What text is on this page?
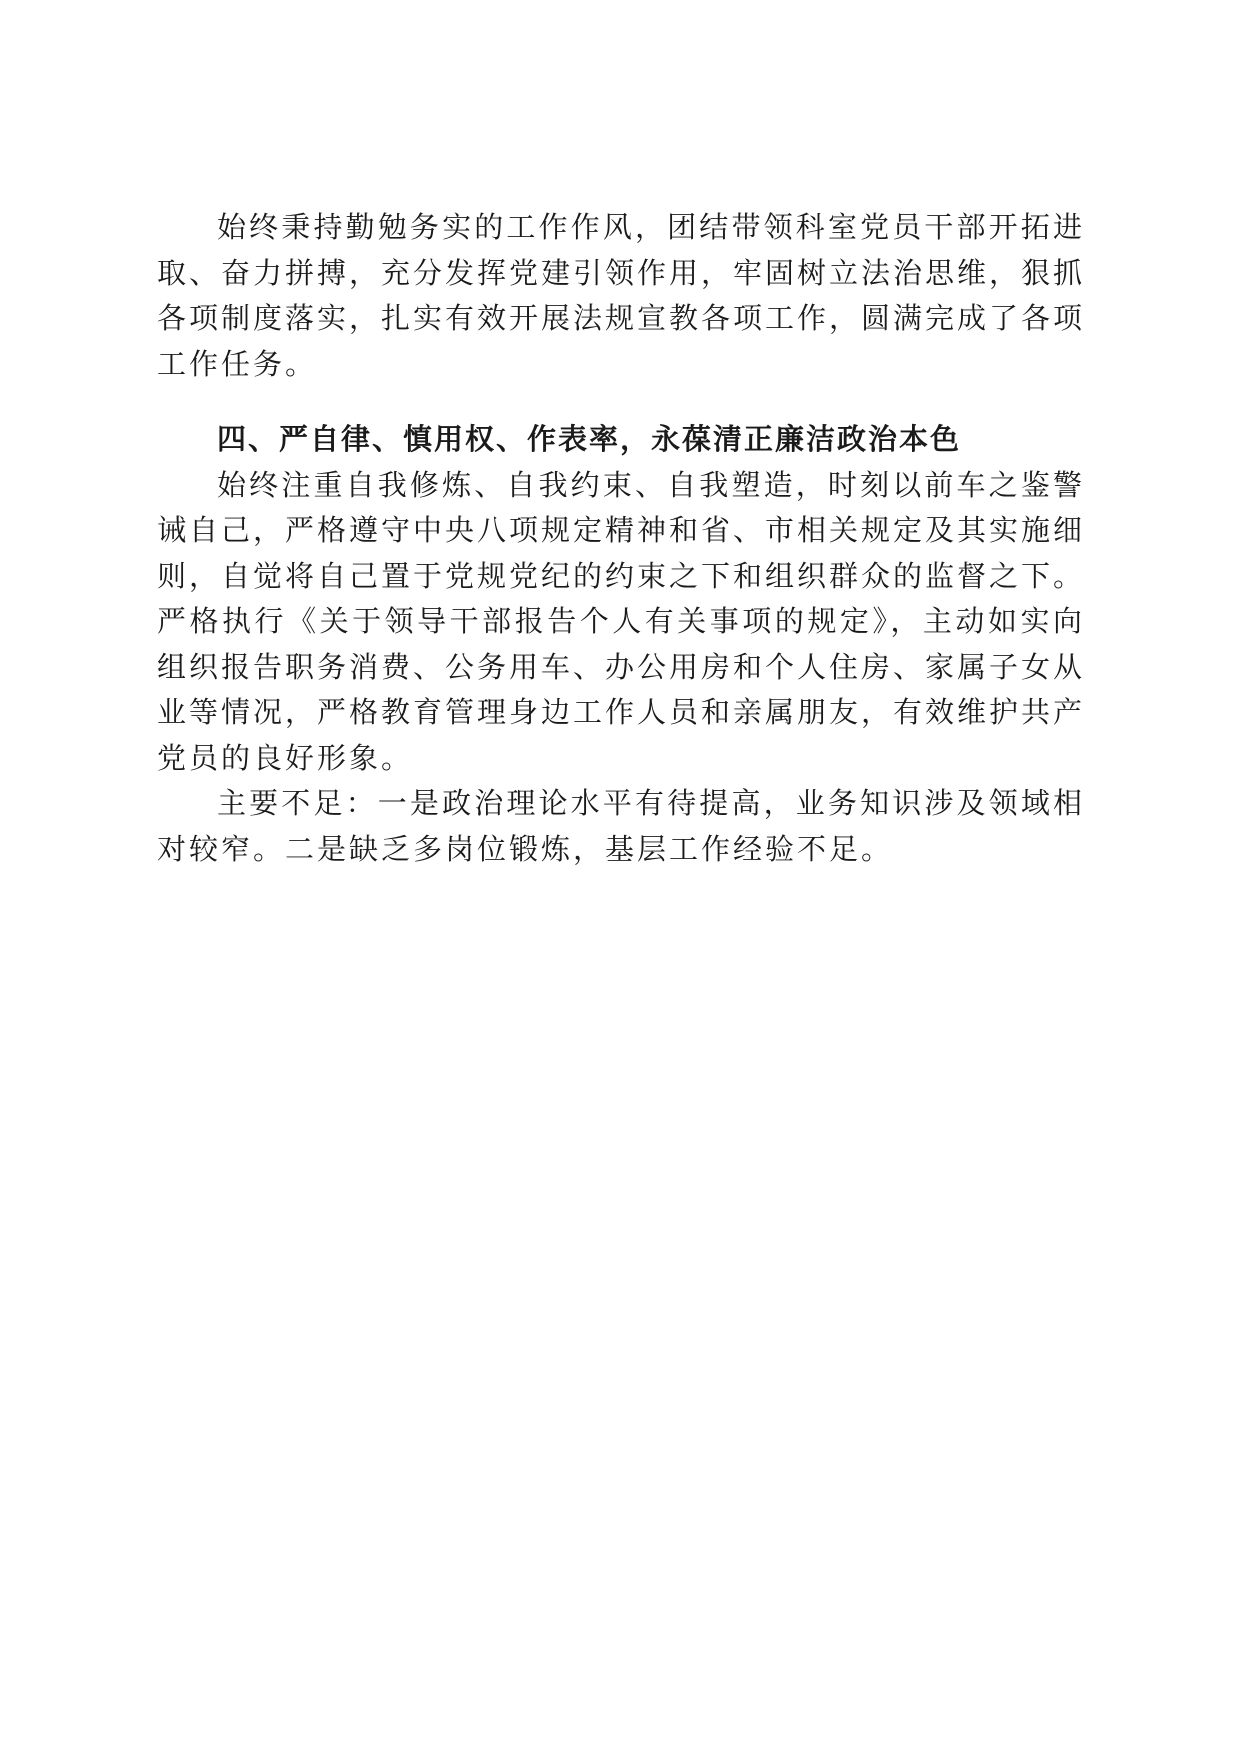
始终秉持勤勉务实的工作作风，团结带领科室党员干部开拓进取、奋力拼搏，充分发挥党建引领作用，牢固树立法治思维，狠抓各项制度落实，扎实有效开展法规宣教各项工作，圆满完成了各项工作任务。

四、严自律、慎用权、作表率，永葆清正廉洁政治本色

始终注重自我修炼、自我约束、自我塑造，时刻以前车之鉴警诫自己，严格遵守中央八项规定精神和省、市相关规定及其实施细则，自觉将自己置于党规党纪的约束之下和组织群众的监督之下。严格执行《关于领导干部报告个人有关事项的规定》，主动如实向组织报告职务消费、公务用车、办公用房和个人住房、家属子女从业等情况，严格教育管理身边工作人员和亲属朋友，有效维护共产党员的良好形象。

主要不足：一是政治理论水平有待提高，业务知识涉及领域相对较窄。二是缺乏多岗位锻炼，基层工作经验不足。
